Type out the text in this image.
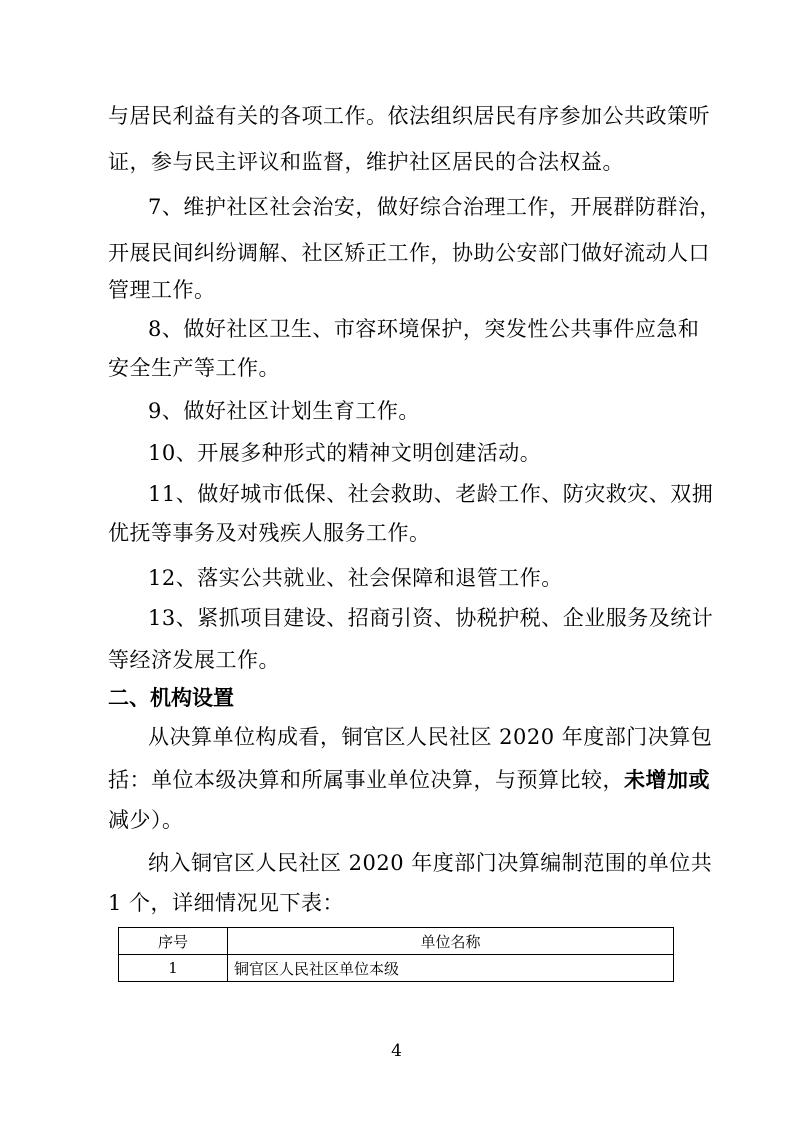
与居民利益有关的各项工作。依法组织居民有序参加公共政策听
证，参与民主评议和监督，维护社区居民的合法权益。
7、维护社区社会治安，做好综合治理工作，开展群防群治，
开展民间纠纷调解、社区矫正工作，协助公安部门做好流动人口
管理工作。
8、做好社区卫生、市容环境保护，突发性公共事件应急和
安全生产等工作。
9、做好社区计划生育工作。
10、开展多种形式的精神文明创建活动。
11、做好城市低保、社会救助、老龄工作、防灾救灾、双拥
优抚等事务及对残疾人服务工作。
12、落实公共就业、社会保障和退管工作。
13、紧抓项目建设、招商引资、协税护税、企业服务及统计
等经济发展工作。
二、机构设置
从决算单位构成看，铜官区人民社区 2020 年度部门决算包
括：单位本级决算和所属事业单位决算，与预算比较，未增加或
减少）。
纳入铜官区人民社区 2020 年度部门决算编制范围的单位共
1 个，详细情况见下表：
序号	单位名称
1	铜官区人民社区单位本级
4
